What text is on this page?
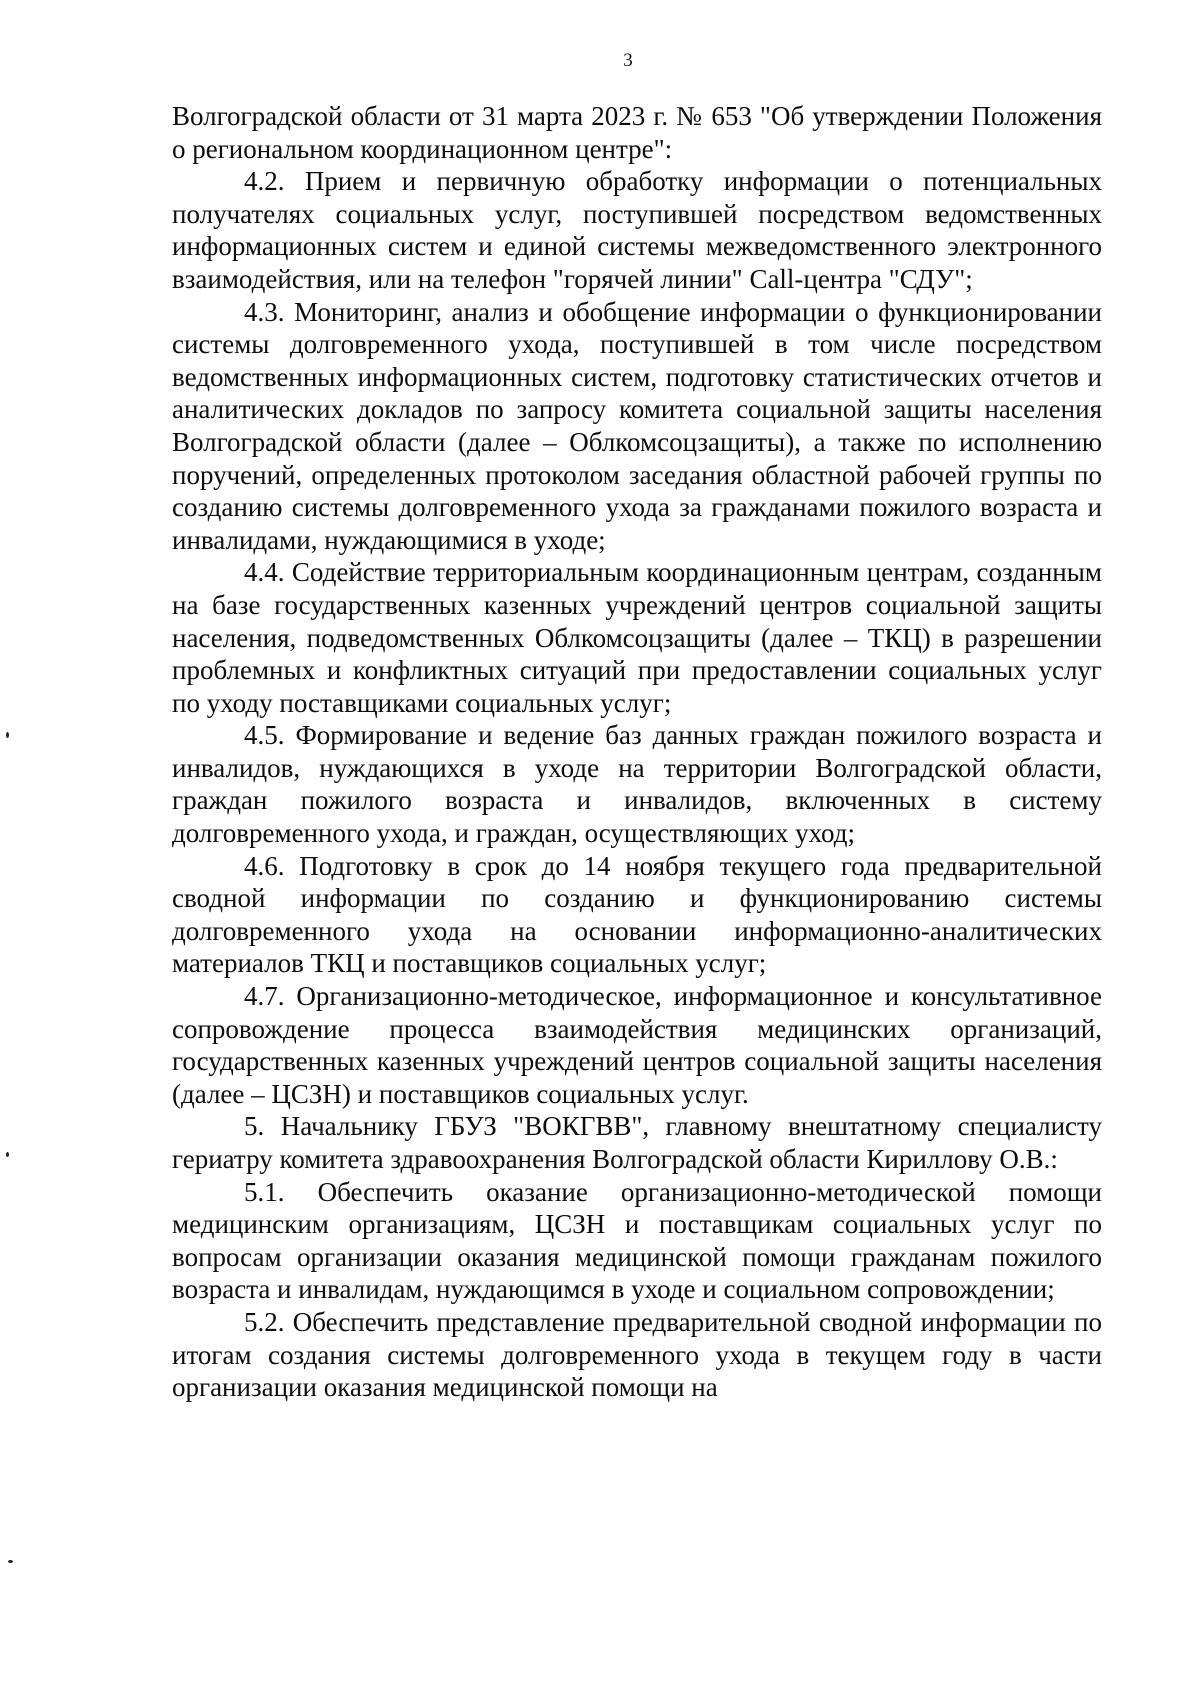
3

Волгоградской области от 31 марта 2023 г. № 653 "Об утверждении Положения о региональном координационном центре":

4.2. Прием и первичную обработку информации о потенциальных получателях социальных услуг, поступившей посредством ведомственных информационных систем и единой системы межведомственного электронного взаимодействия, или на телефон "горячей линии" Call-центра "СДУ";

4.3. Мониторинг, анализ и обобщение информации о функционировании системы долговременного ухода, поступившей в том числе посредством ведомственных информационных систем, подготовку статистических отчетов и аналитических докладов по запросу комитета социальной защиты населения Волгоградской области (далее – Облкомсоцзащиты), а также по исполнению поручений, определенных протоколом заседания областной рабочей группы по созданию системы долговременного ухода за гражданами пожилого возраста и инвалидами, нуждающимися в уходе;

4.4. Содействие территориальным координационным центрам, созданным на базе государственных казенных учреждений центров социальной защиты населения, подведомственных Облкомсоцзащиты (далее – ТКЦ) в разрешении проблемных и конфликтных ситуаций при предоставлении социальных услуг по уходу поставщиками социальных услуг;

4.5. Формирование и ведение баз данных граждан пожилого возраста и инвалидов, нуждающихся в уходе на территории Волгоградской области, граждан пожилого возраста и инвалидов, включенных в систему долговременного ухода, и граждан, осуществляющих уход;

4.6. Подготовку в срок до 14 ноября текущего года предварительной сводной информации по созданию и функционированию системы долговременного ухода на основании информационно-аналитических материалов ТКЦ и поставщиков социальных услуг;

4.7. Организационно-методическое, информационное и консультативное сопровождение процесса взаимодействия медицинских организаций, государственных казенных учреждений центров социальной защиты населения (далее – ЦСЗН) и поставщиков социальных услуг.

5. Начальнику ГБУЗ "ВОКГВВ", главному внештатному специалисту гериатру комитета здравоохранения Волгоградской области Кириллову О.В.:

5.1. Обеспечить оказание организационно-методической помощи медицинским организациям, ЦСЗН и поставщикам социальных услуг по вопросам организации оказания медицинской помощи гражданам пожилого возраста и инвалидам, нуждающимся в уходе и социальном сопровождении;

5.2. Обеспечить представление предварительной сводной информации по итогам создания системы долговременного ухода в текущем году в части организации оказания медицинской помощи на
